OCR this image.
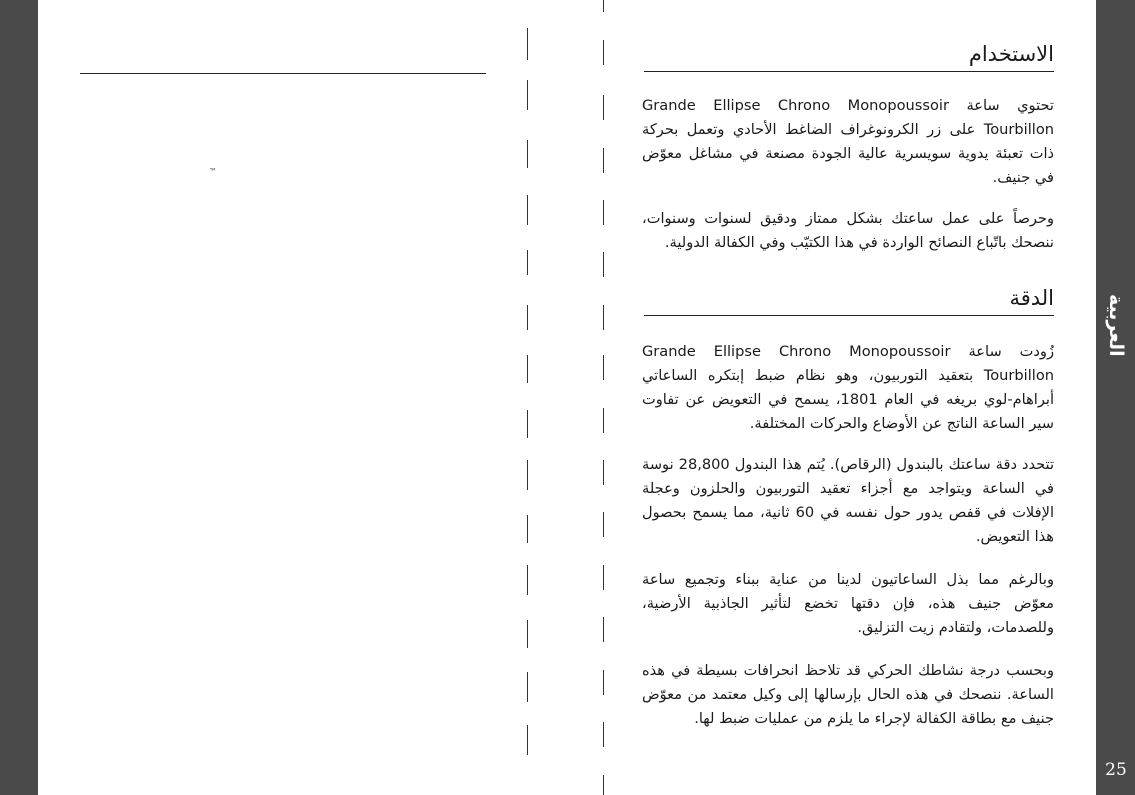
™
الاستخدام
تحتوي ساعة Grande Ellipse Chrono Monopoussoir Tourbillon على زر الكرونوغراف الضاغط الأحادي وتعمل بحركة ذات تعبئة يدوية سويسرية عالية الجودة مصنعة في مشاغل معوّض في جنيف.
وحرصاً على عمل ساعتك بشكل ممتاز ودقيق لسنوات وسنوات، ننصحك باتّباع النصائح الواردة في هذا الكتيّب وفي الكفالة الدولية.
الدقة
زُودت ساعة Grande Ellipse Chrono Monopoussoir Tourbillon بتعقيد التوربيون، وهو نظام ضبط إبتكره الساعاتي أبراهام-لوي بريغه في العام 1801، يسمح في التعويض عن تفاوت سير الساعة الناتج عن الأوضاع والحركات المختلفة.
تتحدد دقة ساعتك بالبندول (الرقاص). يُتم هذا البندول 28,800 نوسة في الساعة ويتواجد مع أجزاء تعقيد التوربيون والحلزون وعجلة الإفلات في قفص يدور حول نفسه في 60 ثانية، مما يسمح بحصول هذا التعويض.
وبالرغم مما بذل الساعاتيون لدينا من عناية ببناء وتجميع ساعة معوّض جنيف هذه، فإن دقتها تخضع لتأثير الجاذبية الأرضية، وللصدمات، ولتقادم زيت التزليق.
وبحسب درجة نشاطك الحركي قد تلاحظ انحرافات بسيطة في هذه الساعة. ننصحك في هذه الحال بإرسالها إلى وكيل معتمد من معوّض جنيف مع بطاقة الكفالة لإجراء ما يلزم من عمليات ضبط لها.
العربية
25
